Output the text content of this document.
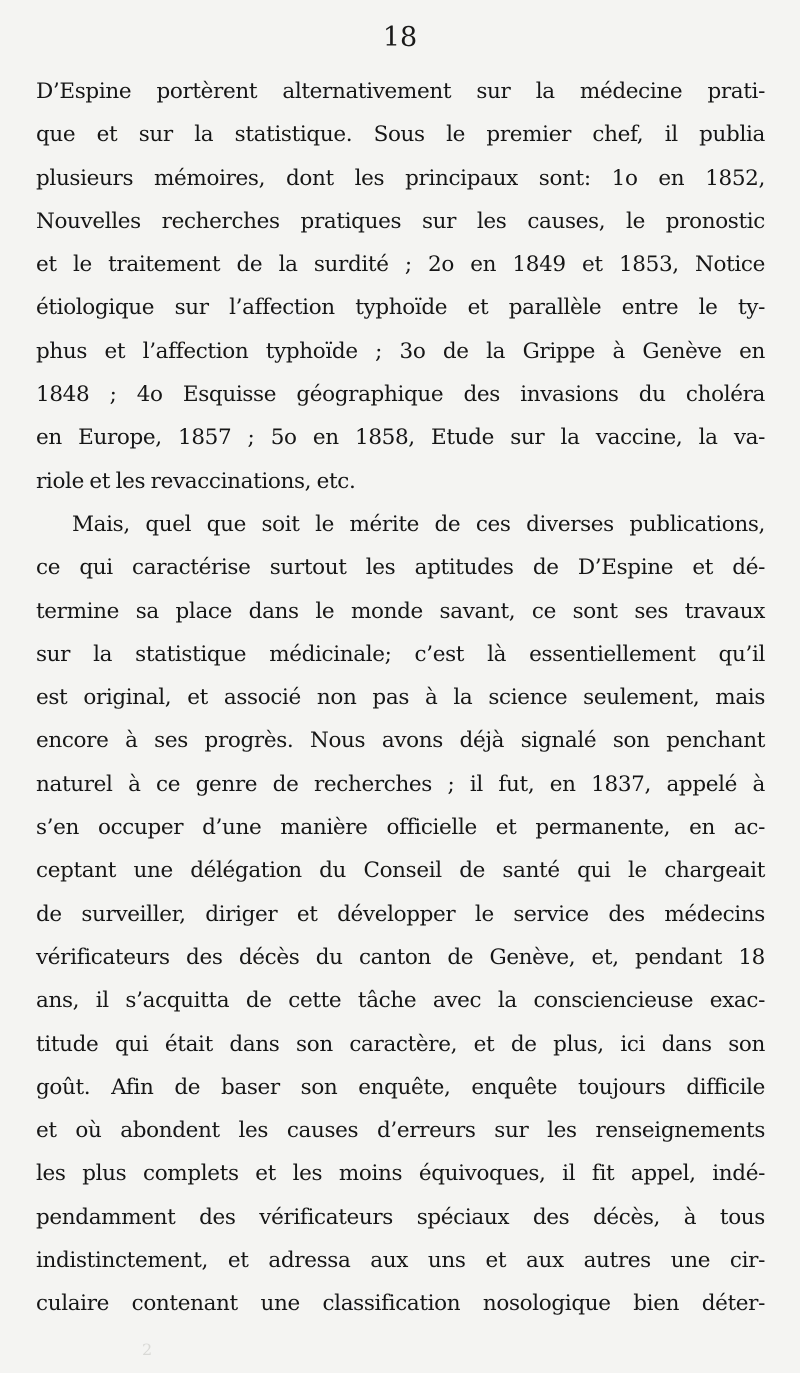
18

D’Espine portèrent alternativement sur la médecine prati-
que et sur la statistique. Sous le premier chef, il publia
plusieurs mémoires, dont les principaux sont: 1o en 1852,
Nouvelles recherches pratiques sur les causes, le pronostic
et le traitement de la surdité ; 2o en 1849 et 1853, Notice
étiologique sur l’affection typhoïde et parallèle entre le ty-
phus et l’affection typhoïde ; 3o de la Grippe à Genève en
1848 ; 4o Esquisse géographique des invasions du choléra
en Europe, 1857 ; 5o en 1858, Etude sur la vaccine, la va-
riole et les revaccinations, etc.

Mais, quel que soit le mérite de ces diverses publications,
ce qui caractérise surtout les aptitudes de D’Espine et dé-
termine sa place dans le monde savant, ce sont ses travaux
sur la statistique médicinale; c’est là essentiellement qu’il
est original, et associé non pas à la science seulement, mais
encore à ses progrès. Nous avons déjà signalé son penchant
naturel à ce genre de recherches ; il fut, en 1837, appelé à
s’en occuper d’une manière officielle et permanente, en ac-
ceptant une délégation du Conseil de santé qui le chargeait
de surveiller, diriger et développer le service des médecins
vérificateurs des décès du canton de Genève, et, pendant 18
ans, il s’acquitta de cette tâche avec la consciencieuse exac-
titude qui était dans son caractère, et de plus, ici dans son
goût. Afin de baser son enquête, enquête toujours difficile
et où abondent les causes d’erreurs sur les renseignements
les plus complets et les moins équivoques, il fit appel, indé-
pendamment des vérificateurs spéciaux des décès, à tous
indistinctement, et adressa aux uns et aux autres une cir-
culaire contenant une classification nosologique bien déter-

2
